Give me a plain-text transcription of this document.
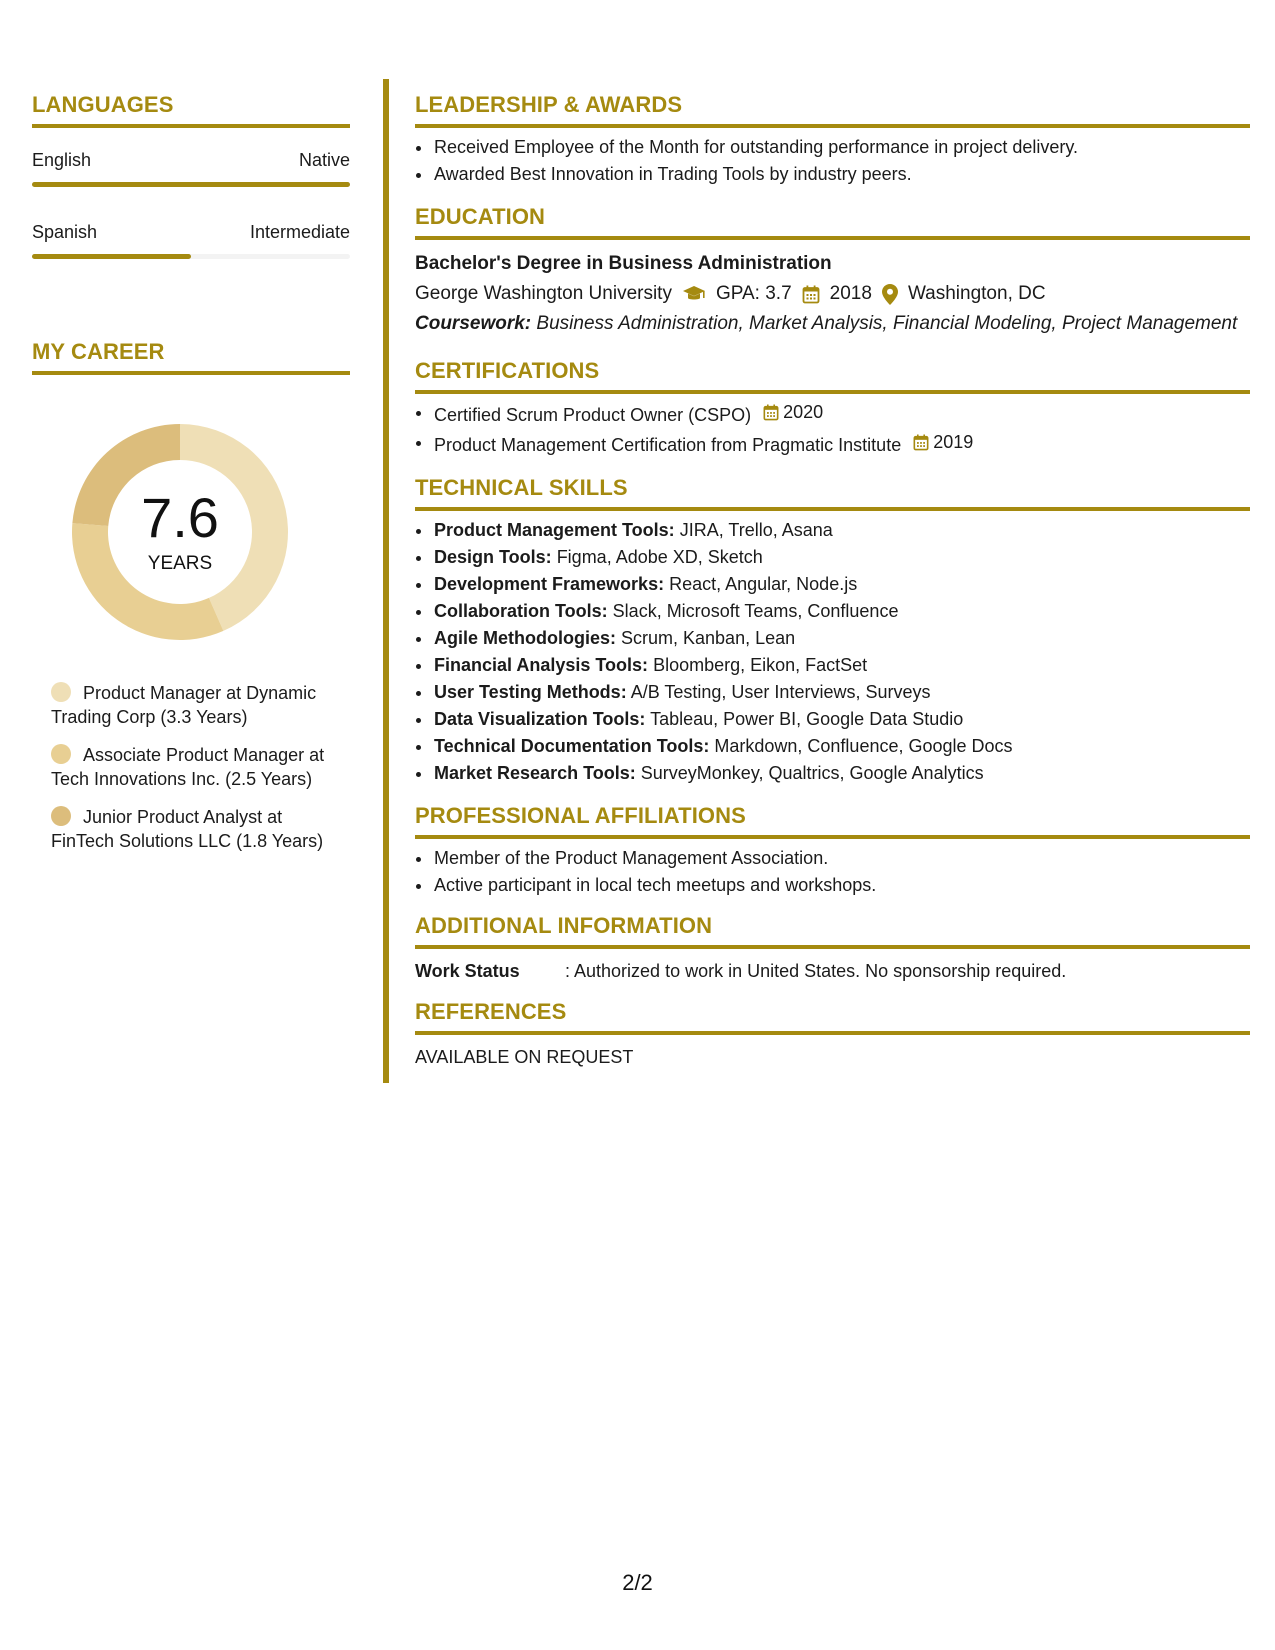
LANGUAGES
English	Native
Spanish	Intermediate
MY CAREER
7.6
YEARS
Product Manager at Dynamic Trading Corp (3.3 Years)
Associate Product Manager at Tech Innovations Inc. (2.5 Years)
Junior Product Analyst at FinTech Solutions LLC (1.8 Years)
LEADERSHIP & AWARDS
Received Employee of the Month for outstanding performance in project delivery.
Awarded Best Innovation in Trading Tools by industry peers.
EDUCATION
Bachelor's Degree in Business Administration
George Washington University GPA: 3.7 2018 Washington, DC
Coursework: Business Administration, Market Analysis, Financial Modeling, Project Management
CERTIFICATIONS
Certified Scrum Product Owner (CSPO) 2020
Product Management Certification from Pragmatic Institute 2019
TECHNICAL SKILLS
Product Management Tools: JIRA, Trello, Asana
Design Tools: Figma, Adobe XD, Sketch
Development Frameworks: React, Angular, Node.js
Collaboration Tools: Slack, Microsoft Teams, Confluence
Agile Methodologies: Scrum, Kanban, Lean
Financial Analysis Tools: Bloomberg, Eikon, FactSet
User Testing Methods: A/B Testing, User Interviews, Surveys
Data Visualization Tools: Tableau, Power BI, Google Data Studio
Technical Documentation Tools: Markdown, Confluence, Google Docs
Market Research Tools: SurveyMonkey, Qualtrics, Google Analytics
PROFESSIONAL AFFILIATIONS
Member of the Product Management Association.
Active participant in local tech meetups and workshops.
ADDITIONAL INFORMATION
Work Status	: Authorized to work in United States. No sponsorship required.
REFERENCES
AVAILABLE ON REQUEST
2/2
